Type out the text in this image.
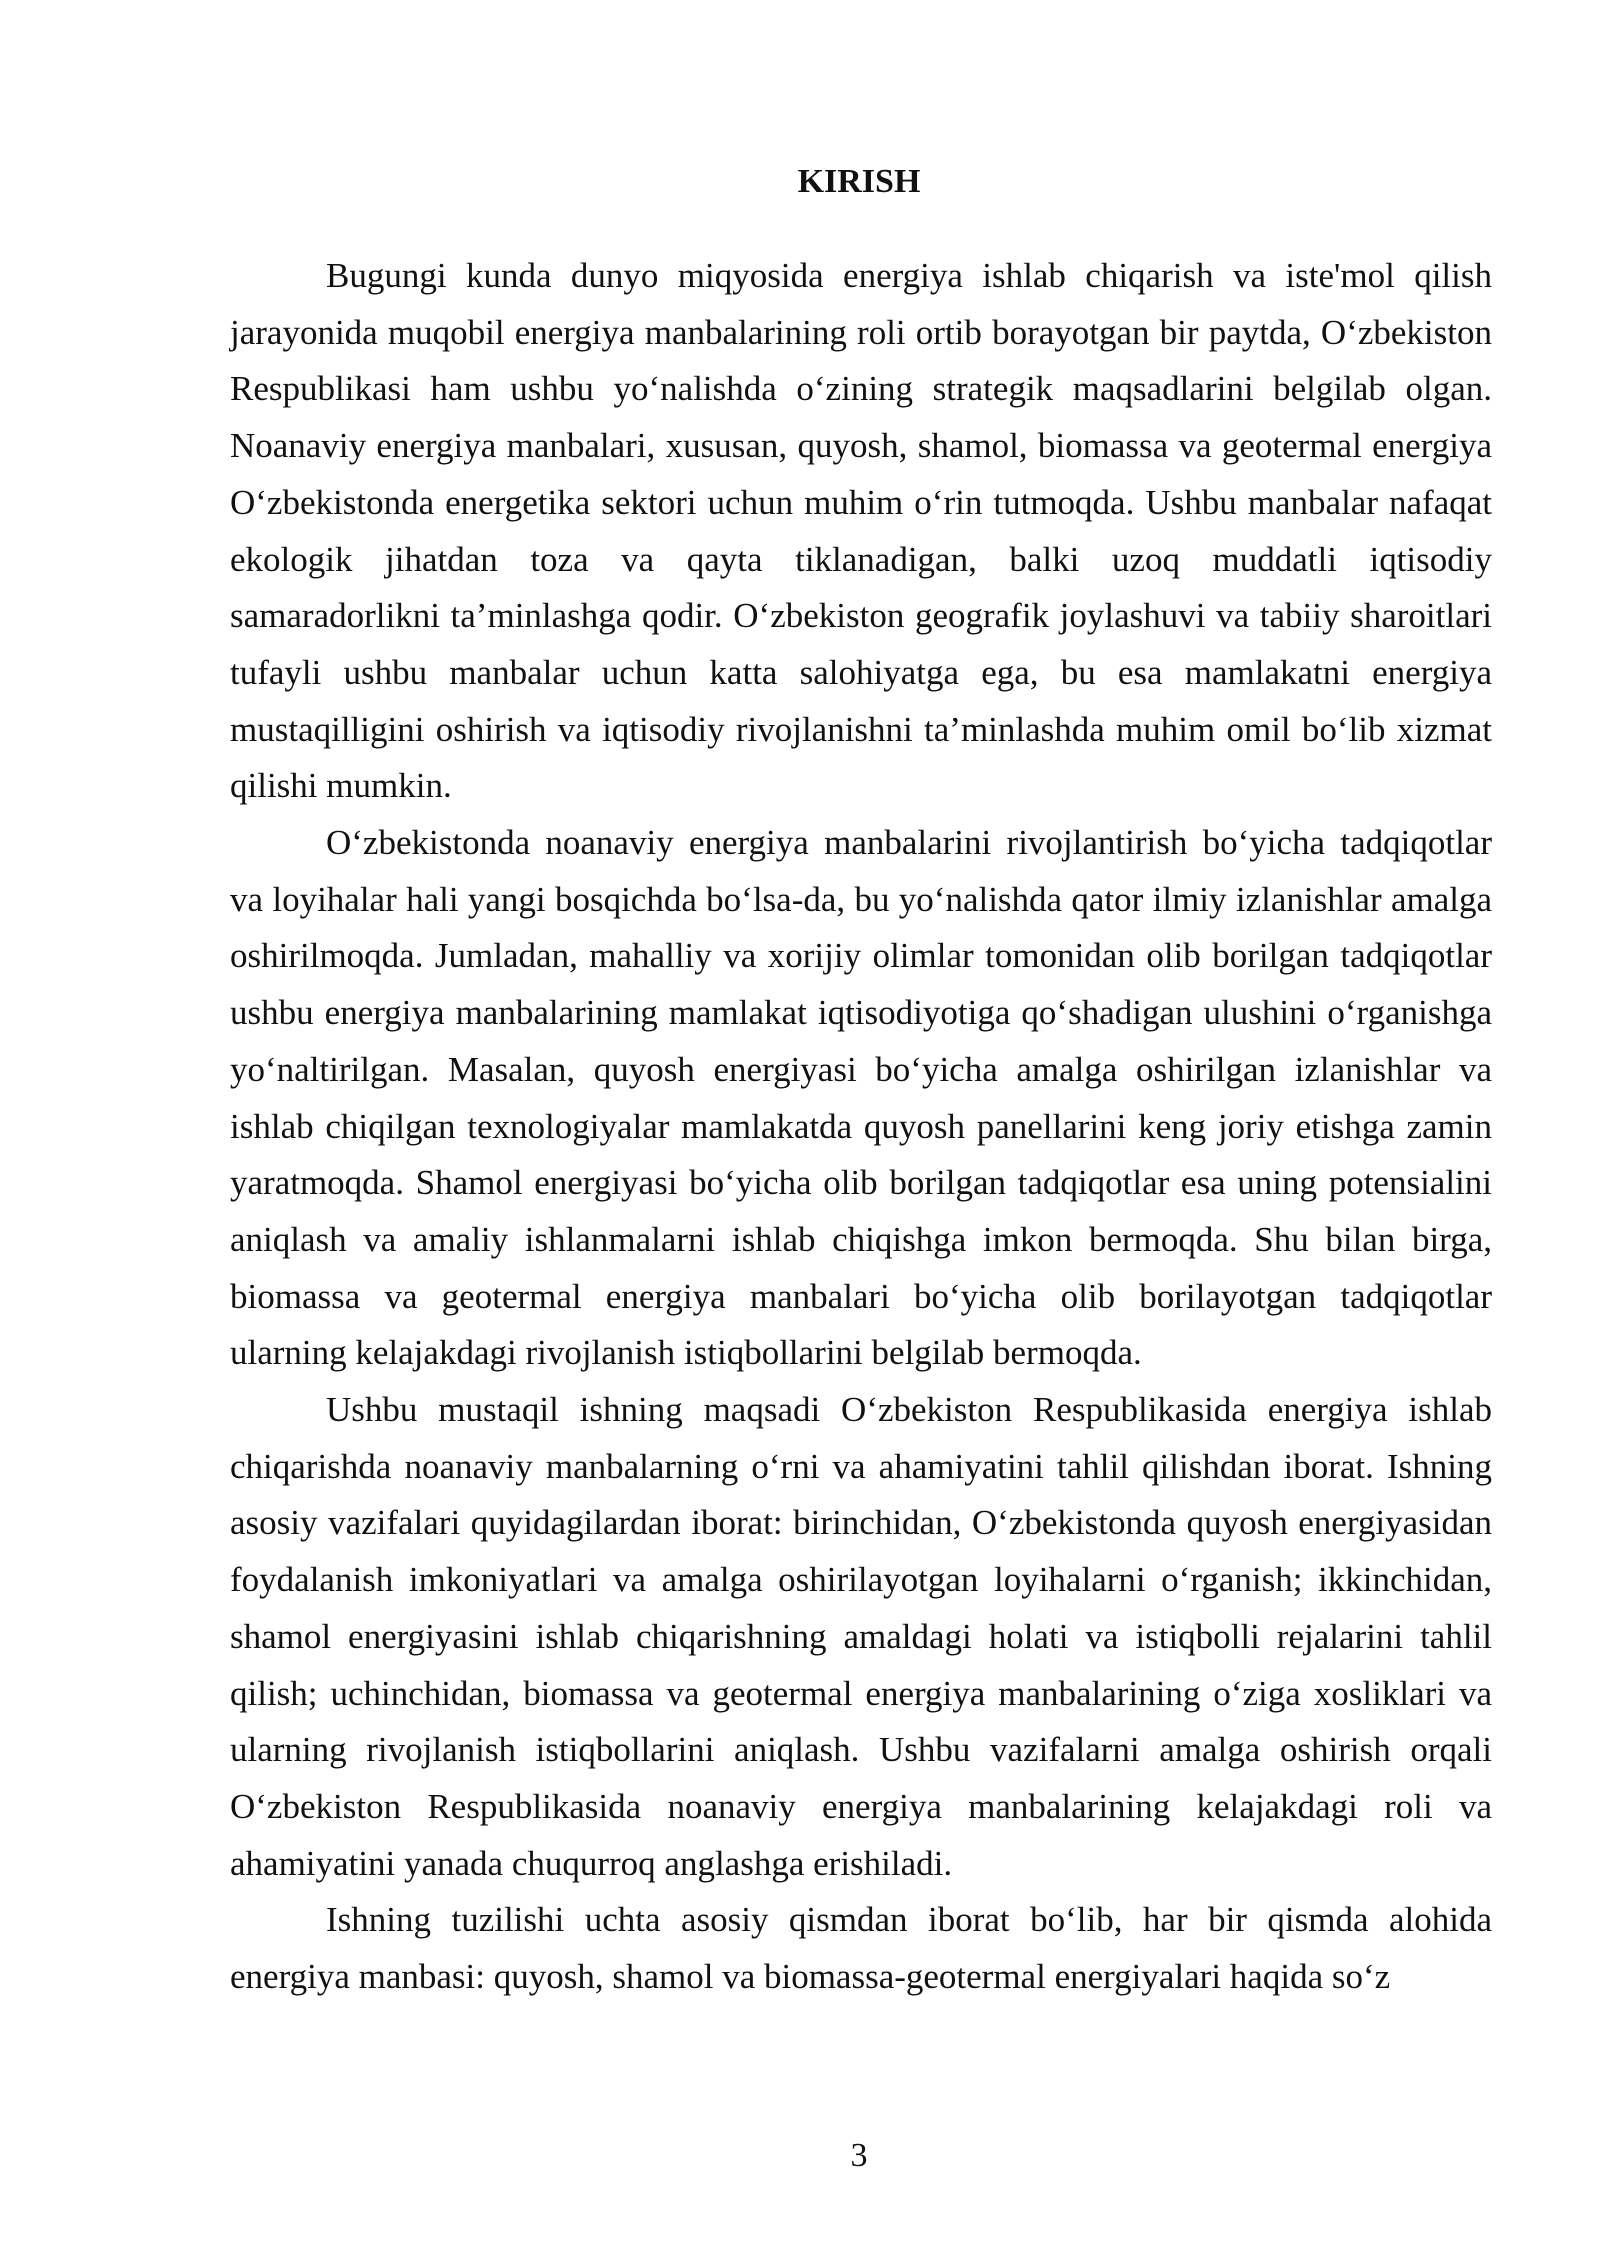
KIRISH

Bugungi kunda dunyo miqyosida energiya ishlab chiqarish va iste'mol qilish jarayonida muqobil energiya manbalarining roli ortib borayotgan bir paytda, O‘zbekiston Respublikasi ham ushbu yo‘nalishda o‘zining strategik maqsadlarini belgilab olgan. Noanaviy energiya manbalari, xususan, quyosh, shamol, biomassa va geotermal energiya O‘zbekistonda energetika sektori uchun muhim o‘rin tutmoqda. Ushbu manbalar nafaqat ekologik jihatdan toza va qayta tiklanadigan, balki uzoq muddatli iqtisodiy samaradorlikni ta’minlashga qodir. O‘zbekiston geografik joylashuvi va tabiiy sharoitlari tufayli ushbu manbalar uchun katta salohiyatga ega, bu esa mamlakatni energiya mustaqilligini oshirish va iqtisodiy rivojlanishni ta’minlashda muhim omil bo‘lib xizmat qilishi mumkin.

O‘zbekistonda noanaviy energiya manbalarini rivojlantirish bo‘yicha tadqiqotlar va loyihalar hali yangi bosqichda bo‘lsa-da, bu yo‘nalishda qator ilmiy izlanishlar amalga oshirilmoqda. Jumladan, mahalliy va xorijiy olimlar tomonidan olib borilgan tadqiqotlar ushbu energiya manbalarining mamlakat iqtisodiyotiga qo‘shadigan ulushini o‘rganishga yo‘naltirilgan. Masalan, quyosh energiyasi bo‘yicha amalga oshirilgan izlanishlar va ishlab chiqilgan texnologiyalar mamlakatda quyosh panellarini keng joriy etishga zamin yaratmoqda. Shamol energiyasi bo‘yicha olib borilgan tadqiqotlar esa uning potensialini aniqlash va amaliy ishlanmalarni ishlab chiqishga imkon bermoqda. Shu bilan birga, biomassa va geotermal energiya manbalari bo‘yicha olib borilayotgan tadqiqotlar ularning kelajakdagi rivojlanish istiqbollarini belgilab bermoqda.

Ushbu mustaqil ishning maqsadi O‘zbekiston Respublikasida energiya ishlab chiqarishda noanaviy manbalarning o‘rni va ahamiyatini tahlil qilishdan iborat. Ishning asosiy vazifalari quyidagilardan iborat: birinchidan, O‘zbekistonda quyosh energiyasidan foydalanish imkoniyatlari va amalga oshirilayotgan loyihalarni o‘rganish; ikkinchidan, shamol energiyasini ishlab chiqarishning amaldagi holati va istiqbolli rejalarini tahlil qilish; uchinchidan, biomassa va geotermal energiya manbalarining o‘ziga xosliklari va ularning rivojlanish istiqbollarini aniqlash. Ushbu vazifalarni amalga oshirish orqali O‘zbekiston Respublikasida noanaviy energiya manbalarining kelajakdagi roli va ahamiyatini yanada chuqurroq anglashga erishiladi.

Ishning tuzilishi uchta asosiy qismdan iborat bo‘lib, har bir qismda alohida energiya manbasi: quyosh, shamol va biomassa-geotermal energiyalari haqida so‘z

3
